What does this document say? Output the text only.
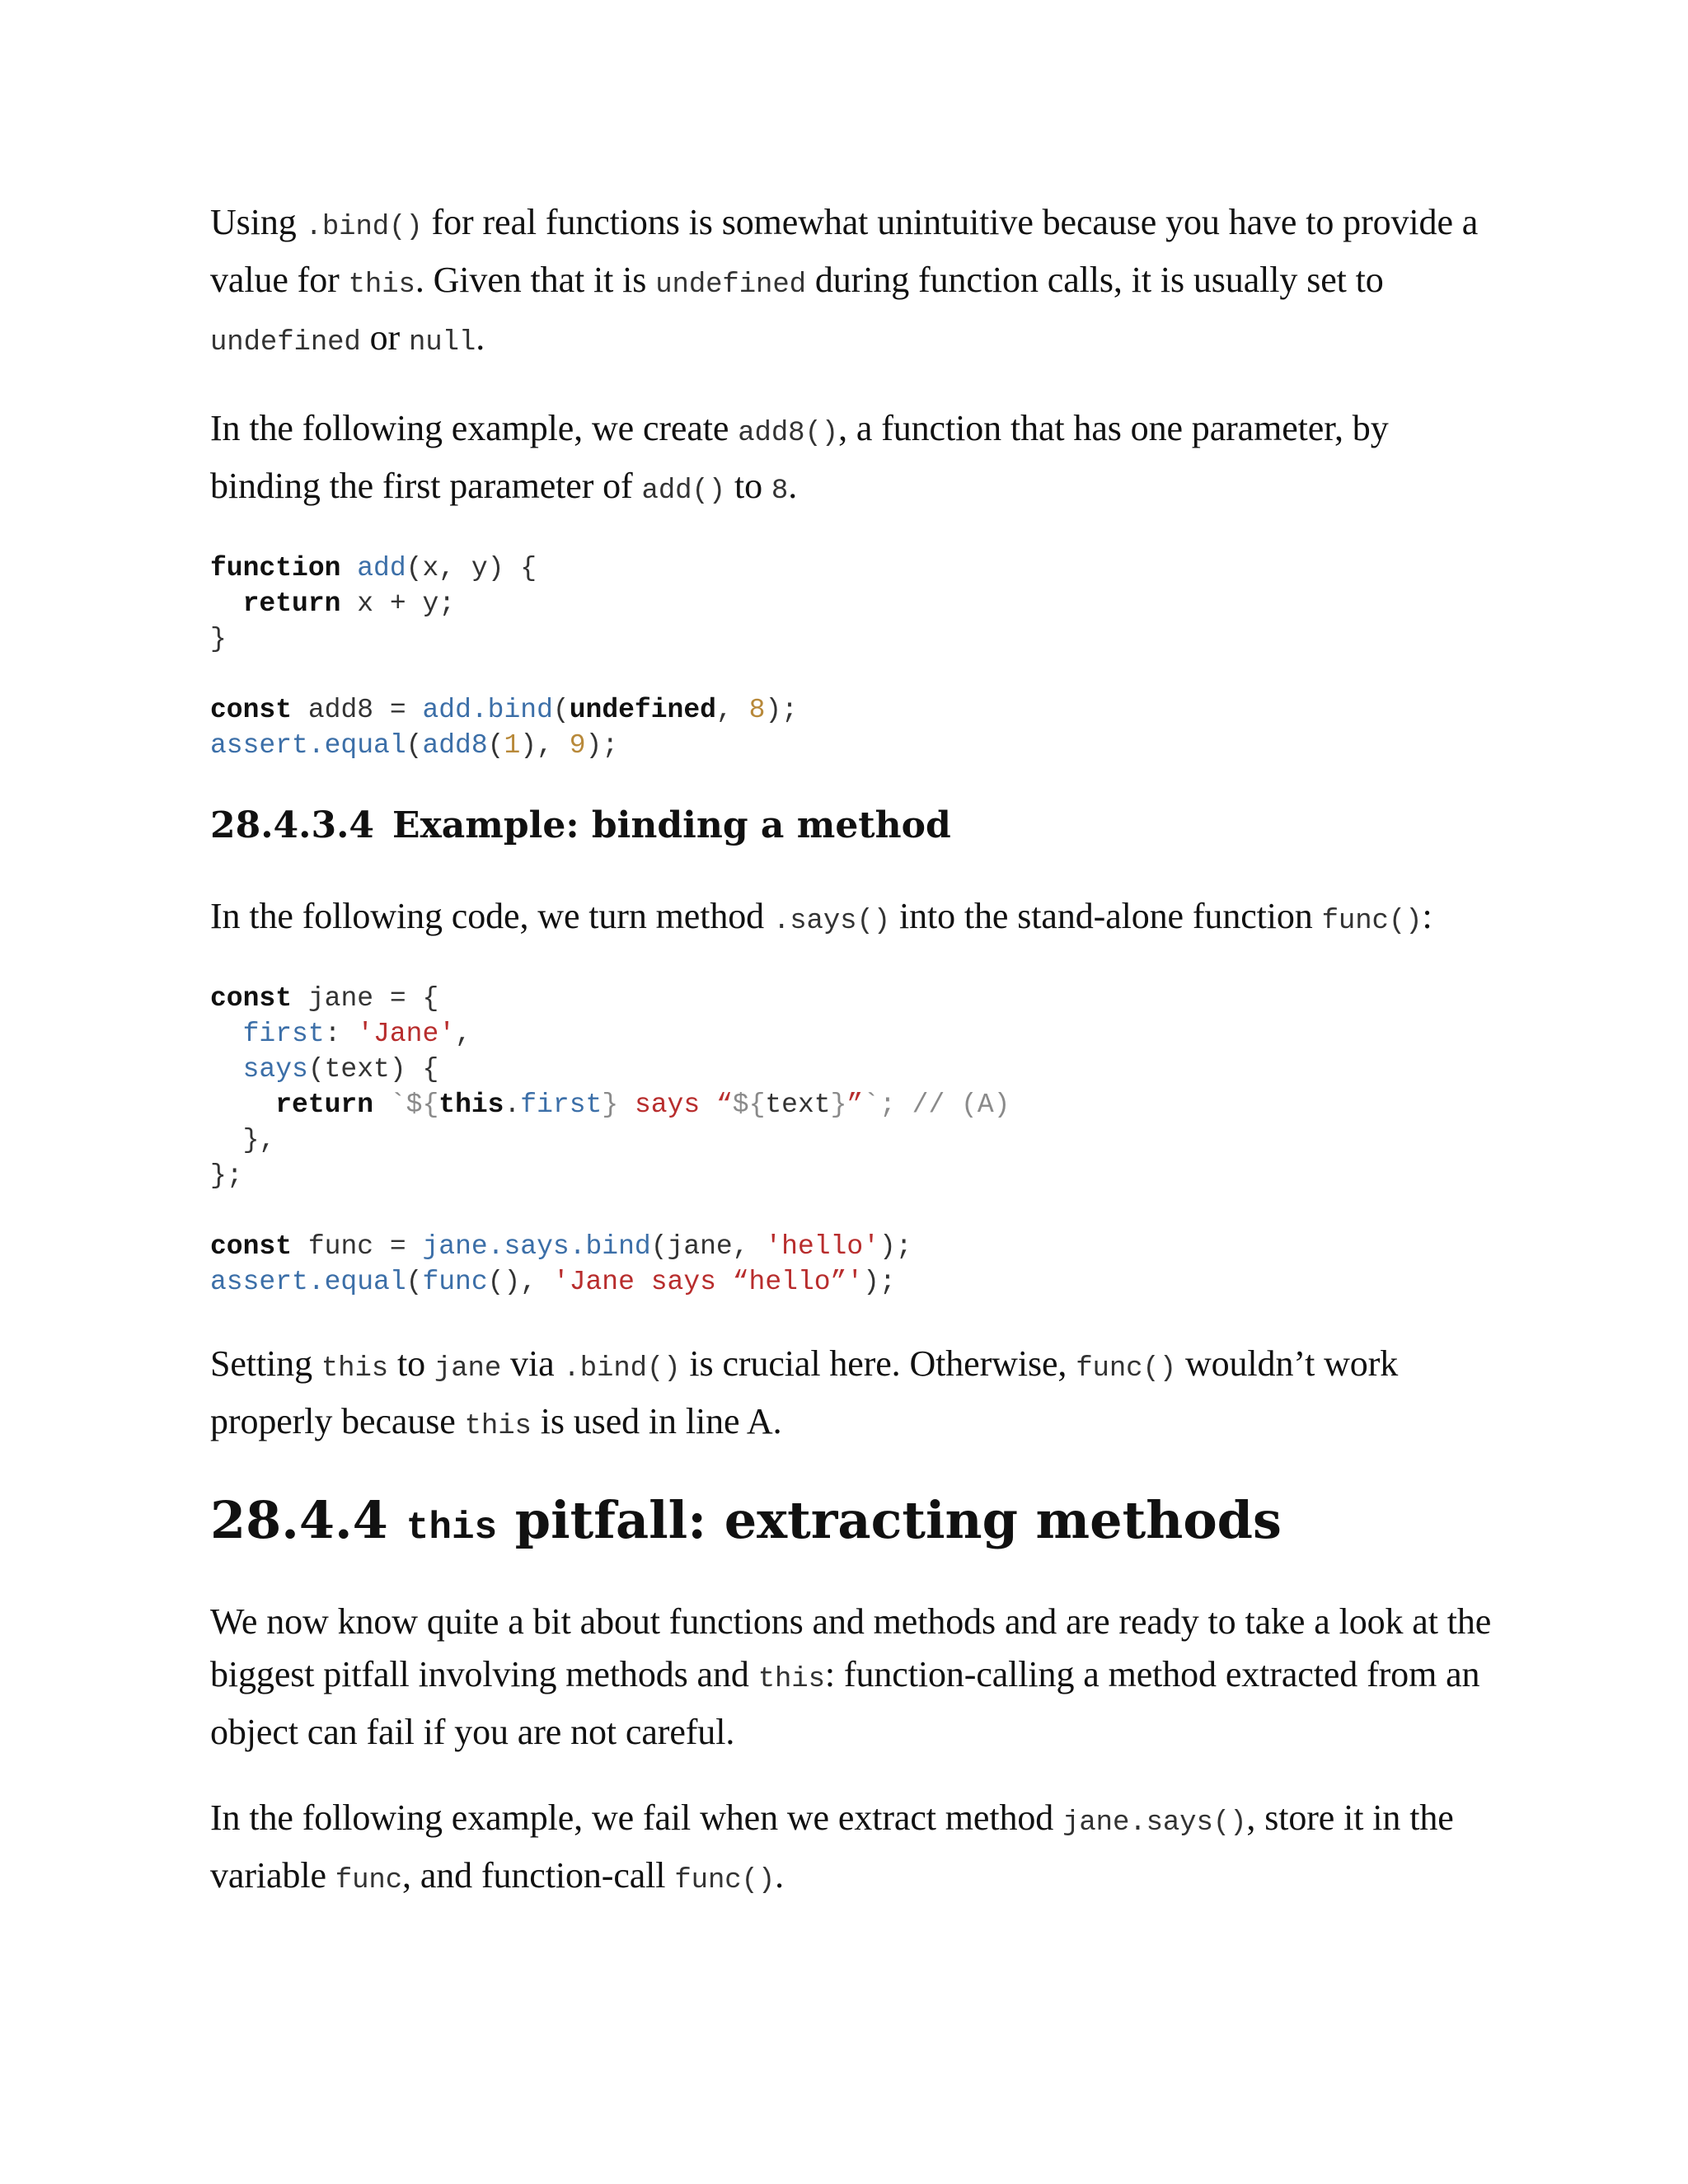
Using .bind() for real functions is somewhat unintuitive because you have to provide a value for this. Given that it is undefined during function calls, it is usually set to undefined or null.

In the following example, we create add8(), a function that has one parameter, by binding the first parameter of add() to 8.

function add(x, y) {
return x + y;
}

const add8 = add.bind(undefined, 8);
assert.equal(add8(1), 9);
28.4.3.4 Example: binding a method

In the following code, we turn method .says() into the stand-alone function func():

const jane = {
first: 'Jane',
says(text) {
return `${this.first} says “${text}”`; // (A)
},
};

const func = jane.says.bind(jane, 'hello');
assert.equal(func(), 'Jane says “hello”');

Setting this to jane via .bind() is crucial here. Otherwise, func() wouldn’t work properly because this is used in line A.

28.4.4 this pitfall: extracting methods

We now know quite a bit about functions and methods and are ready to take a look at the biggest pitfall involving methods and this: function-calling a method extracted from an object can fail if you are not careful.

In the following example, we fail when we extract method jane.says(), store it in the variable func, and function-call func().
